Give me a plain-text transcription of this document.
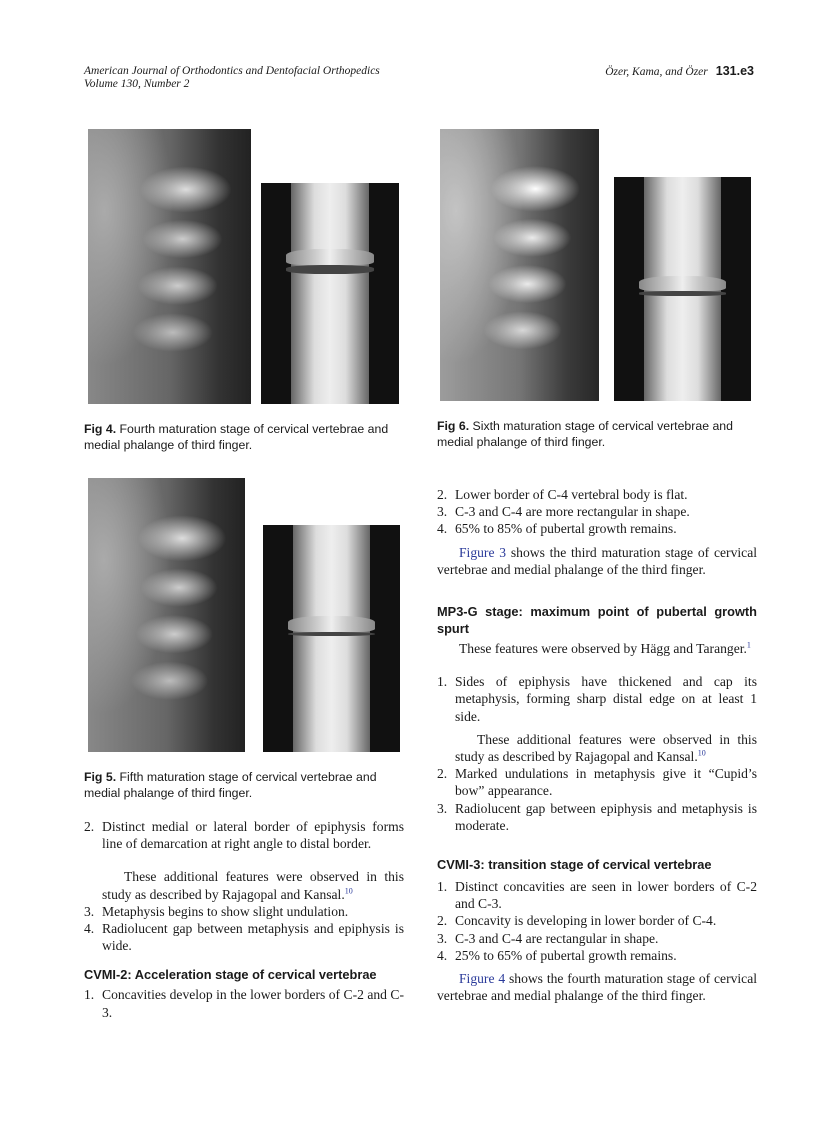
American Journal of Orthodontics and Dentofacial Orthopedics
Volume 130, Number 2
Özer, Kama, and Özer 131.e3
Fig 4. Fourth maturation stage of cervical vertebrae and medial phalange of third finger.
Fig 6. Sixth maturation stage of cervical vertebrae and medial phalange of third finger.
Fig 5. Fifth maturation stage of cervical vertebrae and medial phalange of third finger.
2. Distinct medial or lateral border of epiphysis forms line of demarcation at right angle to distal border.
These additional features were observed in this study as described by Rajagopal and Kansal.$^{10}$
3. Metaphysis begins to show slight undulation.
4. Radiolucent gap between metaphysis and epiphysis is wide.
CVMI-2: Acceleration stage of cervical vertebrae
1. Concavities develop in the lower borders of C-2 and C-3.
2. Lower border of C-4 vertebral body is flat.
3. C-3 and C-4 are more rectangular in shape.
4. 65% to 85% of pubertal growth remains.
Figure 3 shows the third maturation stage of cervical vertebrae and medial phalange of the third finger.
MP3-G stage: maximum point of pubertal growth spurt
These features were observed by Hägg and Taranger.$^1$
1. Sides of epiphysis have thickened and cap its metaphysis, forming sharp distal edge on at least 1 side.
These additional features were observed in this study as described by Rajagopal and Kansal.$^{10}$
2. Marked undulations in metaphysis give it “Cupid’s bow” appearance.
3. Radiolucent gap between epiphysis and metaphysis is moderate.
CVMI-3: transition stage of cervical vertebrae
1. Distinct concavities are seen in lower borders of C-2 and C-3.
2. Concavity is developing in lower border of C-4.
3. C-3 and C-4 are rectangular in shape.
4. 25% to 65% of pubertal growth remains.
Figure 4 shows the fourth maturation stage of cervical vertebrae and medial phalange of the third finger.
